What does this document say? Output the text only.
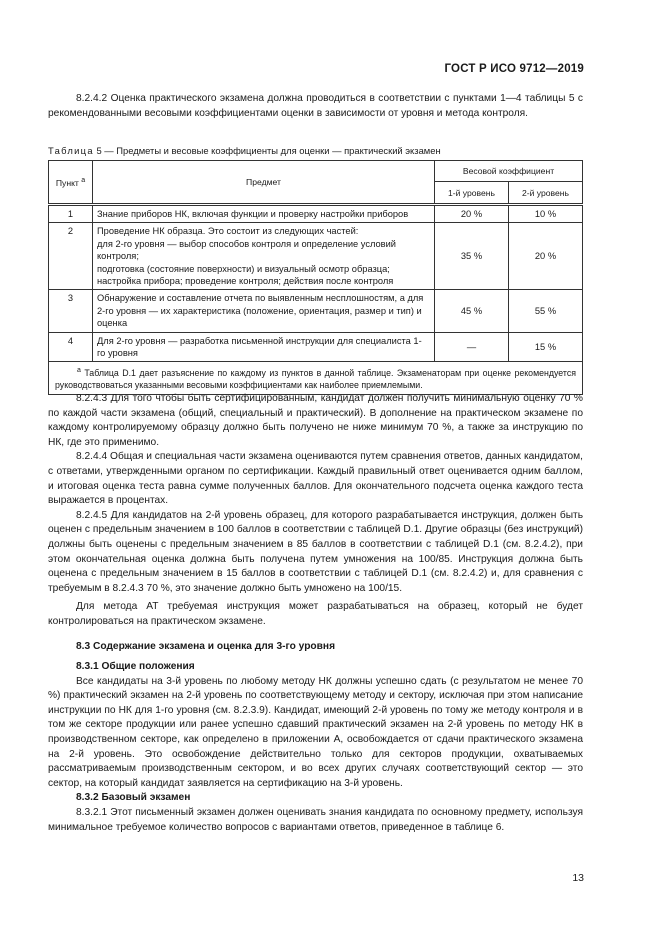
ГОСТ Р ИСО 9712—2019

8.2.4.2 Оценка практического экзамена должна проводиться в соответствии с пунктами 1—4 таблицы 5 с рекомендованными весовыми коэффициентами оценки в зависимости от уровня и метода контроля.

Таблица 5 — Предметы и весовые коэффициенты для оценки — практический экзамен
Пункт $^a$	Предмет	Весовой коэффициент	
		1-й уровень	2-й уровень
1	Знание приборов НК, включая функции и проверку настройки приборов	20 %	10 %
2	Проведение НК образца. Это состоит из следующих частей:
для 2-го уровня — выбор способов контроля и определение условий контроля;
подготовка (состояние поверхности) и визуальный осмотр образца;
настройка прибора; проведение контроля; действия после контроля	35 %	20 %
3	Обнаружение и составление отчета по выявленным несплошностям, а для 2-го уровня — их характеристика (положение, ориентация, размер и тип) и оценка	45 %	55 %
4	Для 2-го уровня — разработка письменной инструкции для специалиста 1-го уровня	—	15 %
$^a$ Таблица D.1 дает разъяснение по каждому из пунктов в данной таблице. Экзаменаторам при оценке рекомендуется руководствоваться указанными весовыми коэффициентами как наиболее приемлемыми.			

8.2.4.3 Для того чтобы быть сертифицированным, кандидат должен получить минимальную оценку 70 % по каждой части экзамена (общий, специальный и практический). В дополнение на практическом экзамене по каждому контролируемому образцу должно быть получено не ниже минимум 70 %, а также за инструкцию по НК, где это применимо.

8.2.4.4 Общая и специальная части экзамена оцениваются путем сравнения ответов, данных кандидатом, с ответами, утвержденными органом по сертификации. Каждый правильный ответ оценивается одним баллом, и итоговая оценка теста равна сумме полученных баллов. Для окончательного подсчета оценка каждого теста выражается в процентах.

8.2.4.5 Для кандидатов на 2-й уровень образец, для которого разрабатывается инструкция, должен быть оценен с предельным значением в 100 баллов в соответствии с таблицей D.1. Другие образцы (без инструкций) должны быть оценены с предельным значением в 85 баллов в соответствии с таблицей D.1 (см. 8.2.4.2), при этом окончательная оценка должна быть получена путем умножения на 100/85. Инструкция должна быть оценена с предельным значением в 15 баллов в соответствии с таблицей D.1 (см. 8.2.4.2) и, для сравнения с требуемым в 8.2.4.3 70 %, это значение должно быть умножено на 100/15.

Для метода АТ требуемая инструкция может разрабатываться на образец, который не будет контролироваться на практическом экзамене.

8.3 Содержание экзамена и оценка для 3-го уровня

8.3.1 Общие положения

Все кандидаты на 3-й уровень по любому методу НК должны успешно сдать (с результатом не менее 70 %) практический экзамен на 2-й уровень по соответствующему методу и сектору, исключая при этом написание инструкции по НК для 1-го уровня (см. 8.2.3.9). Кандидат, имеющий 2-й уровень по тому же методу контроля и в том же секторе продукции или ранее успешно сдавший практический экзамен на 2-й уровень по методу НК в производственном секторе, как определено в приложении А, освобождается от сдачи практического экзамена на 2-й уровень. Это освобождение действительно только для секторов продукции, охватываемых рассматриваемым производственным сектором, и во всех других случаях соответствующий сектор — это сектор, на который кандидат заявляется на сертификацию на 3-й уровень.

8.3.2 Базовый экзамен

8.3.2.1 Этот письменный экзамен должен оценивать знания кандидата по основному предмету, используя минимальное требуемое количество вопросов с вариантами ответов, приведенное в таблице 6.

13
